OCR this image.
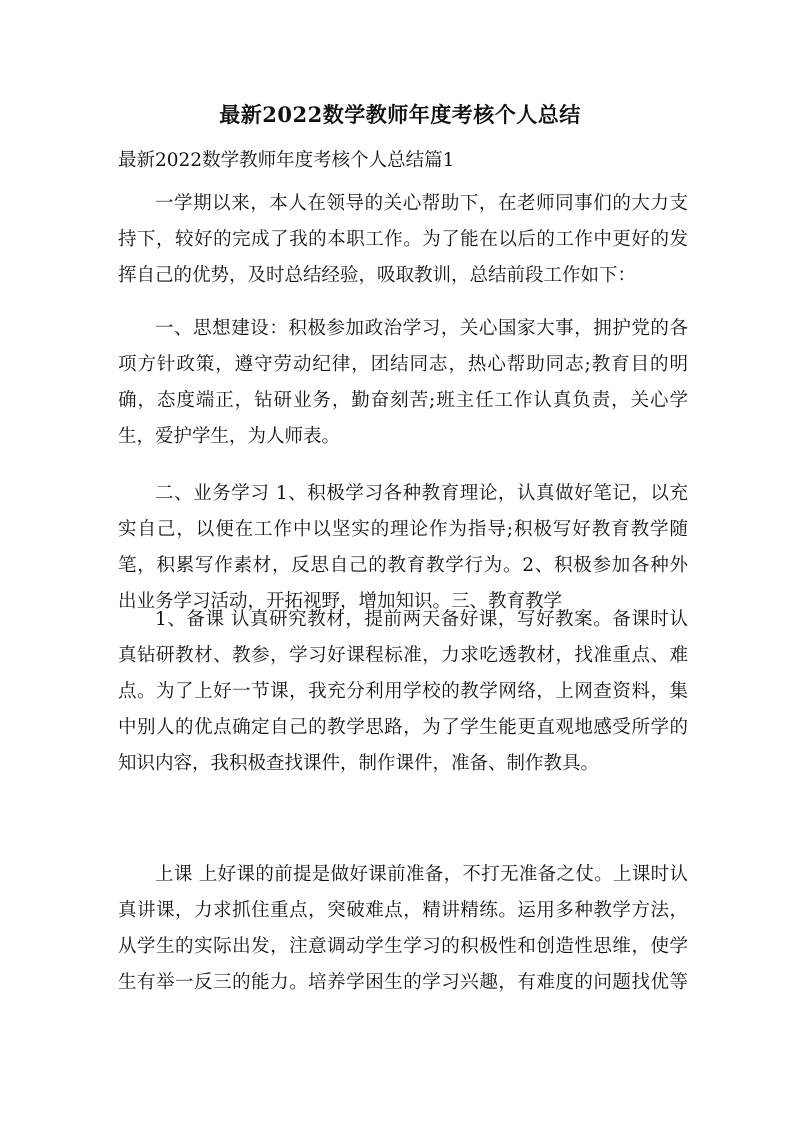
最新2022数学教师年度考核个人总结
最新2022数学教师年度考核个人总结篇1
一学期以来，本人在领导的关心帮助下，在老师同事们的大力支
持下，较好的完成了我的本职工作。为了能在以后的工作中更好的发
挥自己的优势，及时总结经验，吸取教训，总结前段工作如下：
一、思想建设：积极参加政治学习，关心国家大事，拥护党的各
项方针政策，遵守劳动纪律，团结同志，热心帮助同志;教育目的明
确，态度端正，钻研业务，勤奋刻苦;班主任工作认真负责，关心学
生，爱护学生，为人师表。
二、业务学习 1、积极学习各种教育理论，认真做好笔记，以充
实自己，以便在工作中以坚实的理论作为指导;积极写好教育教学随
笔，积累写作素材，反思自己的教育教学行为。2、积极参加各种外
出业务学习活动，开拓视野，增加知识。三、教育教学
1、备课 认真研究教材，提前两天备好课，写好教案。备课时认
真钻研教材、教参，学习好课程标准，力求吃透教材，找准重点、难
点。为了上好一节课，我充分利用学校的教学网络，上网查资料，集
中别人的优点确定自己的教学思路，为了学生能更直观地感受所学的
知识内容，我积极查找课件，制作课件，准备、制作教具。
上课 上好课的前提是做好课前准备，不打无准备之仗。上课时认
真讲课，力求抓住重点，突破难点，精讲精练。运用多种教学方法，
从学生的实际出发，注意调动学生学习的积极性和创造性思维，使学
生有举一反三的能力。培养学困生的学习兴趣，有难度的问题找优等
